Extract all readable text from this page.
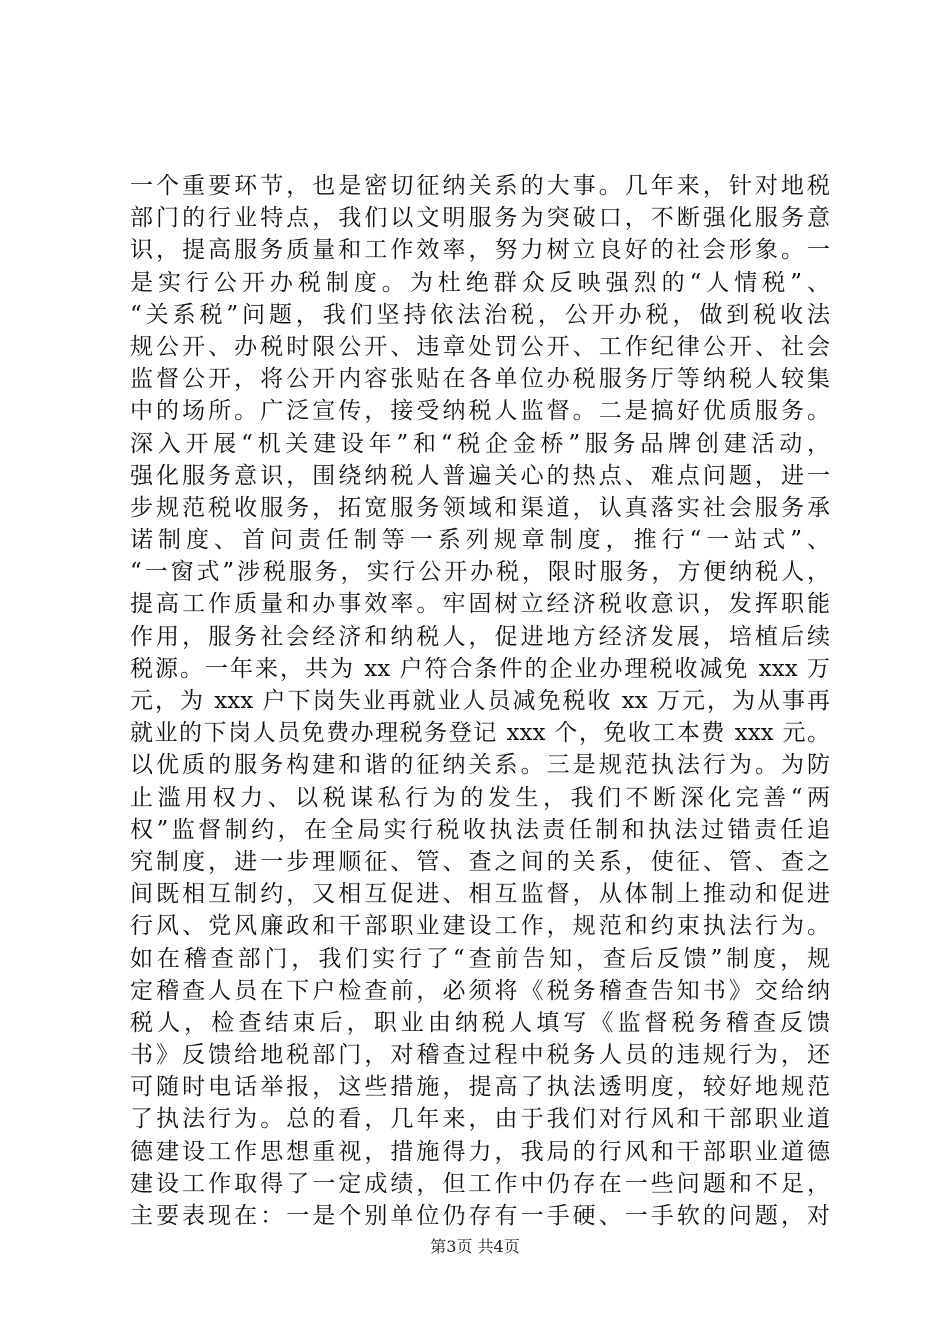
一个重要环节，也是密切征纳关系的大事。几年来，针对地税
部门的行业特点，我们以文明服务为突破口，不断强化服务意
识，提高服务质量和工作效率，努力树立良好的社会形象。一
是实行公开办税制度。为杜绝群众反映强烈的“人情税”、
“关系税”问题，我们坚持依法治税，公开办税，做到税收法
规公开、办税时限公开、违章处罚公开、工作纪律公开、社会
监督公开，将公开内容张贴在各单位办税服务厅等纳税人较集
中的场所。广泛宣传，接受纳税人监督。二是搞好优质服务。
深入开展“机关建设年”和“税企金桥”服务品牌创建活动，
强化服务意识，围绕纳税人普遍关心的热点、难点问题，进一
步规范税收服务，拓宽服务领域和渠道，认真落实社会服务承
诺制度、首问责任制等一系列规章制度，推行“一站式”、
“一窗式”涉税服务，实行公开办税，限时服务，方便纳税人，
提高工作质量和办事效率。牢固树立经济税收意识，发挥职能
作用，服务社会经济和纳税人，促进地方经济发展，培植后续
税源。一年来，共为 xx 户符合条件的企业办理税收减免 xxx 万
元，为 xxx 户下岗失业再就业人员减免税收 xx 万元，为从事再
就业的下岗人员免费办理税务登记 xxx 个，免收工本费 xxx 元。
以优质的服务构建和谐的征纳关系。三是规范执法行为。为防
止滥用权力、以税谋私行为的发生，我们不断深化完善“两
权”监督制约，在全局实行税收执法责任制和执法过错责任追
究制度，进一步理顺征、管、查之间的关系，使征、管、查之
间既相互制约，又相互促进、相互监督，从体制上推动和促进
行风、党风廉政和干部职业建设工作，规范和约束执法行为。
如在稽查部门，我们实行了“查前告知，查后反馈”制度，规
定稽查人员在下户检查前，必须将《税务稽查告知书》交给纳
税人，检查结束后，职业由纳税人填写《监督税务稽查反馈
书》反馈给地税部门，对稽查过程中税务人员的违规行为，还
可随时电话举报，这些措施，提高了执法透明度，较好地规范
了执法行为。总的看，几年来，由于我们对行风和干部职业道
德建设工作思想重视，措施得力，我局的行风和干部职业道德
建设工作取得了一定成绩，但工作中仍存在一些问题和不足，
主要表现在：一是个别单位仍存有一手硬、一手软的问题，对
第3页 共4页
